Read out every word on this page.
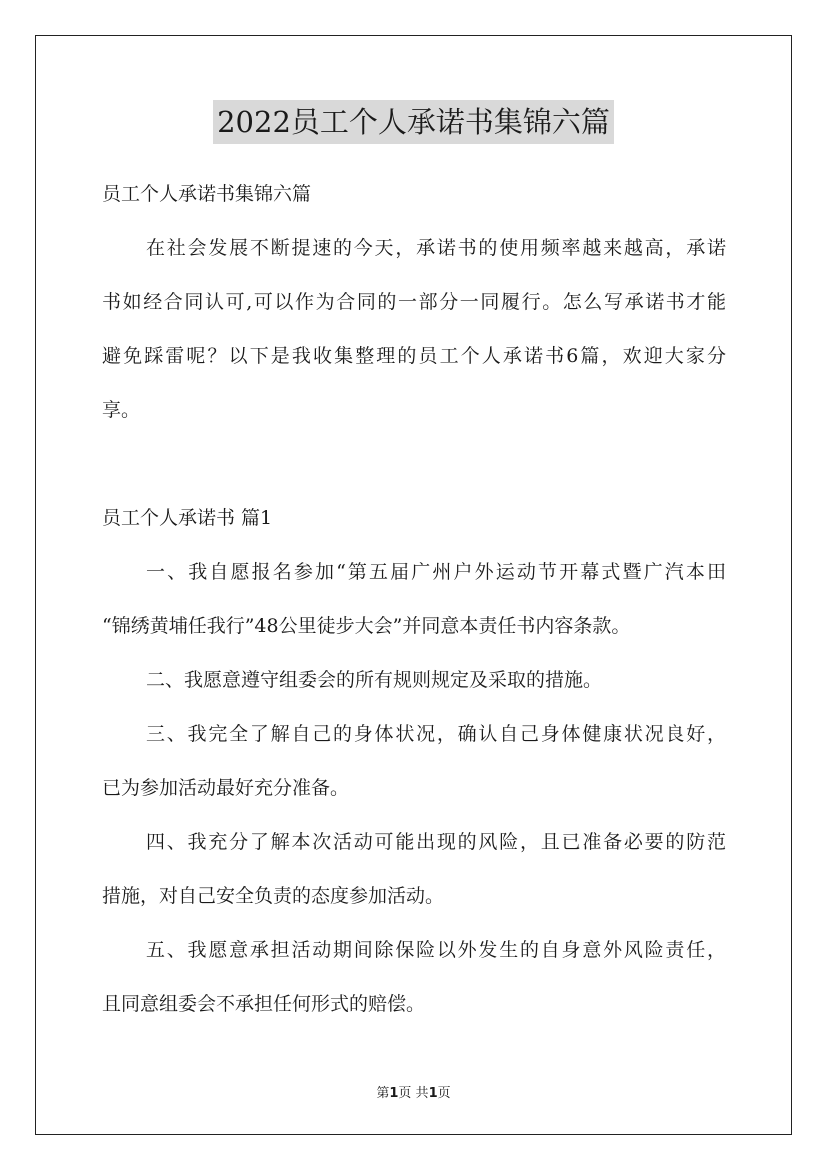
2022员工个人承诺书集锦六篇
员工个人承诺书集锦六篇
在社会发展不断提速的今天，承诺书的使用频率越来越高，承诺
书如经合同认可,可以作为合同的一部分一同履行。怎么写承诺书才能
避免踩雷呢？以下是我收集整理的员工个人承诺书6篇，欢迎大家分
享。
员工个人承诺书 篇1
一、我自愿报名参加“第五届广州户外运动节开幕式暨广汽本田
“锦绣黄埔任我行”48公里徒步大会”并同意本责任书内容条款。
二、我愿意遵守组委会的所有规则规定及采取的措施。
三、我完全了解自己的身体状况，确认自己身体健康状况良好，
已为参加活动最好充分准备。
四、我充分了解本次活动可能出现的风险，且已准备必要的防范
措施，对自己安全负责的态度参加活动。
五、我愿意承担活动期间除保险以外发生的自身意外风险责任，
且同意组委会不承担任何形式的赔偿。
第1页 共1页
